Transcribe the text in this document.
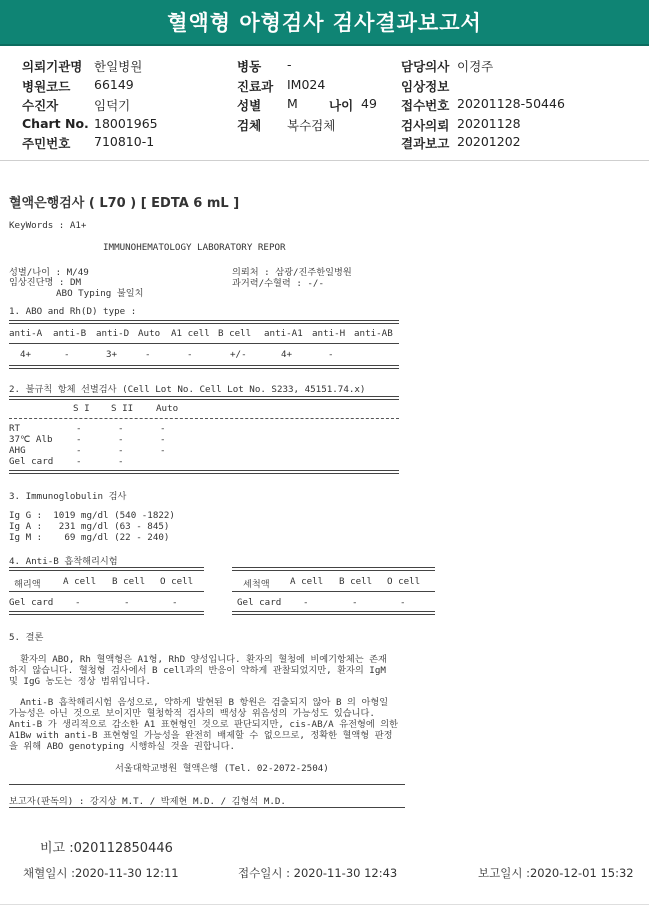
혈액형 아형검사 검사결과보고서
의뢰기관명 한일병원
병원코드 66149
수진자	임덕기
Chart No. 18001965
주민번호 710810-1
병동 -
진료과 IM024
성별 M 나이 49
검체 복수검체
담당의사 이경주
임상정보
접수번호 20201128-50446
검사의뢰 20201128
결과보고 20201202
혈액은행검사 ( L70 ) [ EDTA 6 mL ]
KeyWords : A1+
IMMUNOHEMATOLOGY LABORATORY REPOR
성별/나이 : M/49
임상진단명 : DM
ABO Typing 불일치
의뢰처 : 삼광/진주한일병원
과거력/수혈력 : -/-
1. ABO and Rh(D) type :
anti-A anti-B anti-D Auto A1 cell B cell anti-A1 anti-H anti-AB
4+	-	3+	-	-	+/-	4+	-
2. 불규칙 항체 선별검사 (Cell Lot No. Cell Lot No. S233, 45151.74.x)
S I S II Auto
RT	-	-	-
37℃ Alb	-	-	-
AHG	-	-	-
Gel card -	-
3. Immunoglobulin 검사
Ig G :  1019 mg/dl (540 -1822)
Ig A :   231 mg/dl (63 - 845)
Ig M :    69 mg/dl (22 - 240)
4. Anti-B 흡착해리시험
해리액 A cell B cell O cell	세척액 A cell B cell O cell
Gel card -	-	-	Gel card -	-	-
5. 결론
환자의 ABO, Rh 혈액형은 A1형, RhD 양성입니다. 환자의 혈청에 비예기항체는 존재
하지 않습니다. 혈청형 검사에서 B cell과의 반응이 약하게 관찰되었지만, 환자의 IgM
및 IgG 농도는 정상 범위입니다.
Anti-B 흡착해리시험 음성으로, 약하게 발현된 B 항원은 검출되지 않아 B 의 아형일
가능성은 아닌 것으로 보이지만 혈청학적 검사의 백성상 위음성의 가능성도 있습니다.
Anti-B 가 생리적으로 감소한 A1 표현형인 것으로 판단되지만, cis-AB/A 유전형에 의한
A1Bw with anti-B 표현형일 가능성을 완전히 배제할 수 없으므로, 정확한 혈액형 판정
을 위해 ABO genotyping 시행하실 것을 권합니다.
서울대학교병원 혈액은행 (Tel. 02-2072-2504)
보고자(판독의) : 강지상 M.T. / 박제현 M.D. / 김형석 M.D.
비고 :020112850446
채혈일시 :2020-11-30 12:11	접수일시 : 2020-11-30 12:43	보고일시 :2020-12-01 15:32
